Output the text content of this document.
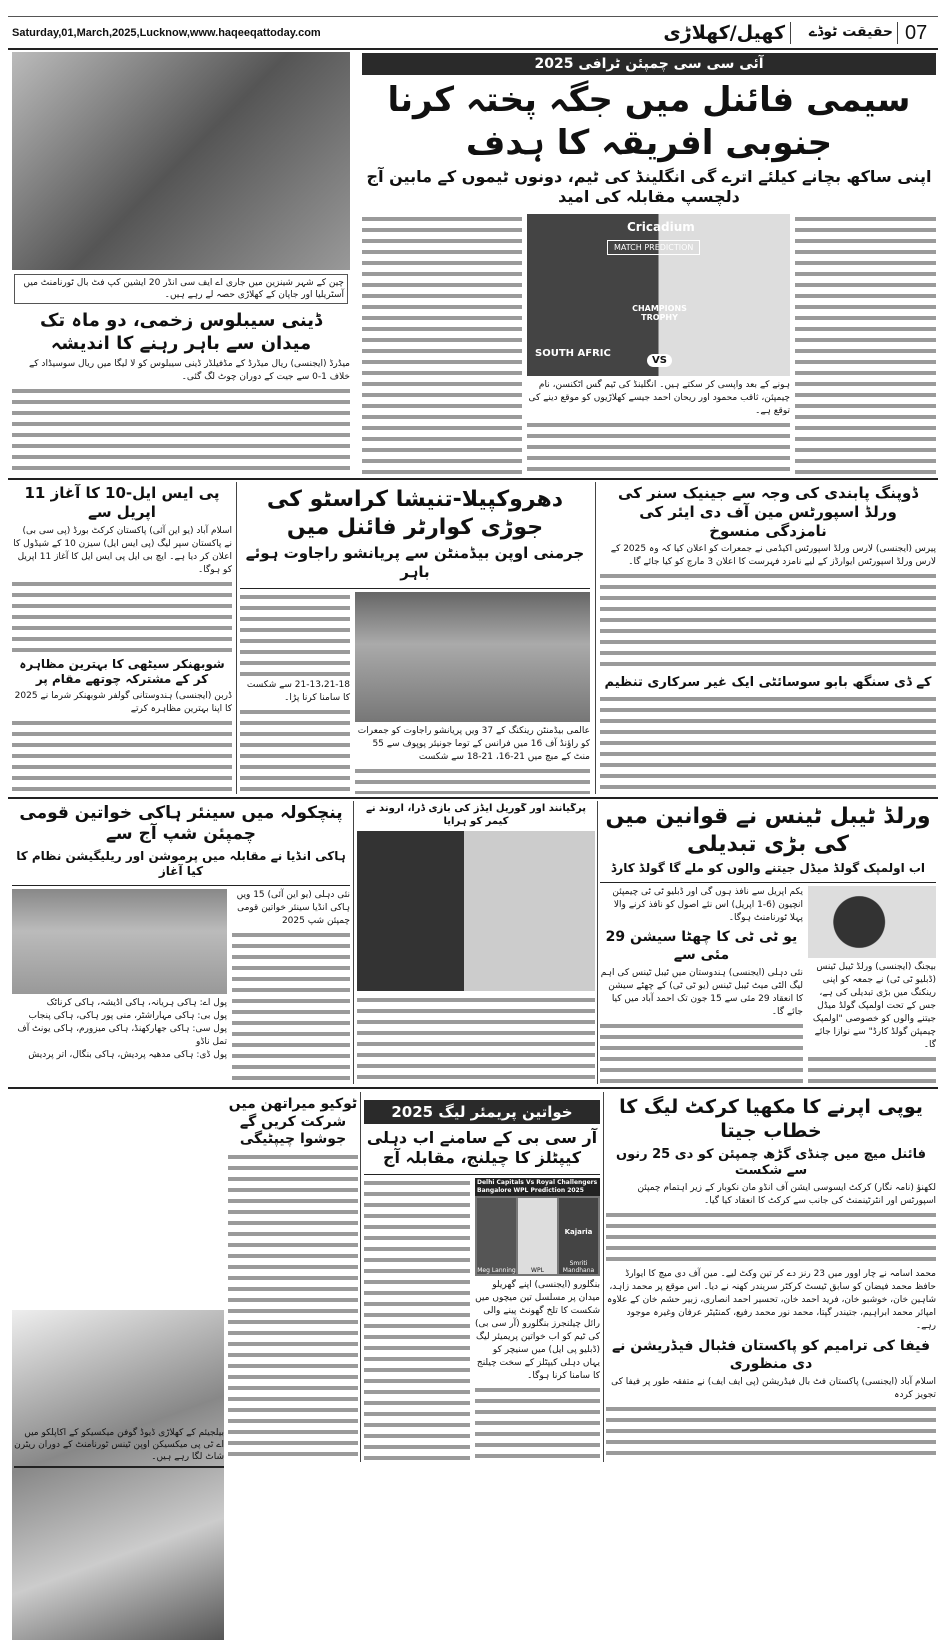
Saturday,01,March,2025,Lucknow,www.haqeeqattoday.com	کھیل/کھلاڑی	حقیقت ٹوڈے 07
چین کے شہر شینزین میں جاری اے ایف سی انڈر 20 ایشین کپ فٹ بال ٹورنامنٹ میں آسٹریلیا اور جاپان کے کھلاڑی حصہ لے رہے ہیں۔
آئی سی سی چمپئن ٹرافی 2025
سیمی فائنل میں جگہ پختہ کرنا جنوبی افریقہ کا ہدف
اپنی ساکھ بچانے کیلئے اترے گی انگلینڈ کی ٹیم، دونوں ٹیموں کے مابین آج دلچسپ مقابلہ کی امید
Cricadium
MATCH PREDICTION
CHAMPIONS TROPHY
SOUTH AFRIC
VS
ہونے کے بعد واپسی کر سکتے ہیں۔ انگلینڈ کی ٹیم گس اٹکنسن، نام چیمپئن، ثاقب محمود اور ریحان احمد جیسے کھلاڑیوں کو موقع دینے کی توقع ہے۔
ڈینی سیبلوس زخمی، دو ماہ تک میدان سے باہر رہنے کا اندیشہ
میڈرڈ (ایجنسی) ریال میڈرڈ کے مڈفیلڈر ڈینی سیبلوس کو لا لیگا میں ریال سوسیڈاد کے خلاف 1-0 سے جیت کے دوران چوٹ لگ گئی۔
پی ایس ایل-10 کا آغاز 11 اپریل سے
اسلام آباد (یو این آئی) پاکستان کرکٹ بورڈ (پی سی بی) نے پاکستان سپر لیگ (پی ایس ایل) سیزن 10 کے شیڈول کا اعلان کر دیا ہے۔ ایچ بی ایل پی ایس ایل کا آغاز 11 اپریل کو ہوگا۔
شوبھنکر سیٹھی کا بہترین مظاہرہ کر کے مشترکہ چوتھے مقام پر
ڈربن (ایجنسی) ہندوستانی گولفر شوبھنکر شرما نے 2025 کا اپنا بہترین مظاہرہ کرتے
دھروکپیلا-تنیشا کراسٹو کی جوڑی کوارٹر فائنل میں
جرمنی اوپن بیڈمنٹن سے پریانشو راجاوت ہوئے باہر
21-13،21-18 سے شکست کا سامنا کرنا پڑا۔
عالمی بیڈمنٹن رینکنگ کے 37 ویں پریانشو راجاوت کو جمعرات کو راؤنڈ آف 16 میں فرانس کے توما جونیئر پوپوف سے 55 منٹ کے میچ میں 21-16، 21-18 سے شکست
ڈوپنگ پابندی کی وجہ سے جینیک سنر کی ورلڈ اسپورٹس مین آف دی ایئر کی نامزدگی منسوخ
پیرس (ایجنسی) لارس ورلڈ اسپورٹس اکیڈمی نے جمعرات کو اعلان کیا کہ وہ 2025 کے لارس ورلڈ اسپورٹس ایوارڈز کے لیے نامزد فہرست کا اعلان 3 مارچ کو کیا جائے گا۔
کے ڈی سنگھ بابو سوسائٹی ایک غیر سرکاری تنظیم
پنچکولہ میں سینئر ہاکی خواتین قومی چمپئن شپ آج سے
ہاکی انڈیا نے مقابلہ میں پرموشن اور ریلیگیشن نظام کا کیا آغاز
پول اے: ہاکی ہریانہ، ہاکی اڈیشہ، ہاکی کرناٹک
پول بی: ہاکی مہاراشٹر، منی پور ہاکی، ہاکی پنجاب
پول سی: ہاکی جھارکھنڈ، ہاکی میزورم، ہاکی یونٹ آف تمل ناڈو
پول ڈی: ہاکی مدھیہ پردیش، ہاکی بنگال، اتر پردیش
نئی دہلی (یو این آئی) 15 ویں ہاکی انڈیا سینئر خواتین قومی چمپئن شپ 2025
پرگیانند اور گوریل ایڈز کی بازی ڈرا، اروند نے کیمر کو ہرایا	ورلڈ ٹیبل ٹینس نے قوانین میں کی بڑی تبدیلی
اب اولمپک گولڈ میڈل جیتنے والوں کو ملے گا گولڈ کارڈ
یکم اپریل سے نافذ ہوں گی اور ڈبلیو ٹی ٹی چیمپئن انچیون (6-1 اپریل) اس نئے اصول کو نافذ کرنے والا پہلا ٹورنامنٹ ہوگا۔
یو ٹی ٹی کا چھٹا سیشن 29 مئی سے
نئی دہلی (ایجنسی) ہندوستان میں ٹیبل ٹینس کی اہم لیگ الٹی میٹ ٹیبل ٹینس (یو ٹی ٹی) کے چھٹے سیشن کا انعقاد 29 مئی سے 15 جون تک احمد آباد میں کیا جائے گا۔
بیجنگ (ایجنسی) ورلڈ ٹیبل ٹینس (ڈبلیو ٹی ٹی) نے جمعہ کو اپنی رینکنگ میں بڑی تبدیلی کی ہے، جس کے تحت اولمپک گولڈ میڈل جیتنے والوں کو خصوصی "اولمپک چیمپئن گولڈ کارڈ" سے نوازا جائے گا۔
بیلجیئم کے کھلاڑی ڈیوڈ گوفن میکسیکو کے اکاپلکو میں اے ٹی پی میکسیکن اوپن ٹینس ٹورنامنٹ کے دوران ریٹرن شاٹ لگا رہے ہیں۔
ٹوکیو میراتھن میں شرکت کریں گے جوشوا چیپٹیگی
خواتین پریمئر لیگ 2025
آر سی بی کے سامنے اب دہلی کیپٹلز کا چیلنج، مقابلہ آج
Delhi Capitals Vs Royal Challengers Bangalore WPL Prediction 2025
Meg Lanning	WPL
Kajaria
Smriti Mandhana
بنگلورو (ایجنسی) اپنے گھریلو میدان پر مسلسل تین میچوں میں شکست کا تلخ گھونٹ پینے والی رائل چیلنجرز بنگلورو (آر سی بی) کی ٹیم کو اب خواتین پریمیئر لیگ (ڈبلیو پی ایل) میں سنیچر کو یہاں دہلی کیپٹلز کے سخت چیلنج کا سامنا کرنا ہوگا۔
یوپی اپرنے کا مکھیا کرکٹ لیگ کا خطاب جیتا
فائنل میچ میں چنڈی گڑھ چمپئن کو دی 25 رنوں سے شکست
لکھنؤ (نامہ نگار) کرکٹ ایسوسی ایشن آف انڈو مان نکوبار کے زیر اہتمام چمپئن اسپورٹس اور انٹرٹینمنٹ کی جانب سے کرکٹ کا انعقاد کیا گیا۔
محمد اسامہ نے چار اوور میں 23 رنز دے کر تین وکٹ لیے۔ مین آف دی میچ کا ایوارڈ حافظ محمد فیضان کو سابق ٹیسٹ کرکٹر سریندر کھنہ نے دیا۔ اس موقع پر محمد زاہد، شاہین خان، خوشبو خان، فرید احمد خان، تحسیر احمد انصاری، زبیر حشم خان کے علاوہ امپائر محمد ابراہیم، جتیندر گپتا، محمد نور محمد رفیع، کمنٹیٹر عرفان وغیرہ موجود رہے۔
فیفا کی ترامیم کو پاکستان فٹبال فیڈریشن نے دی منظوری
اسلام آباد (ایجنسی) پاکستان فٹ بال فیڈریشن (پی ایف ایف) نے متفقہ طور پر فیفا کی تجویز کردہ
